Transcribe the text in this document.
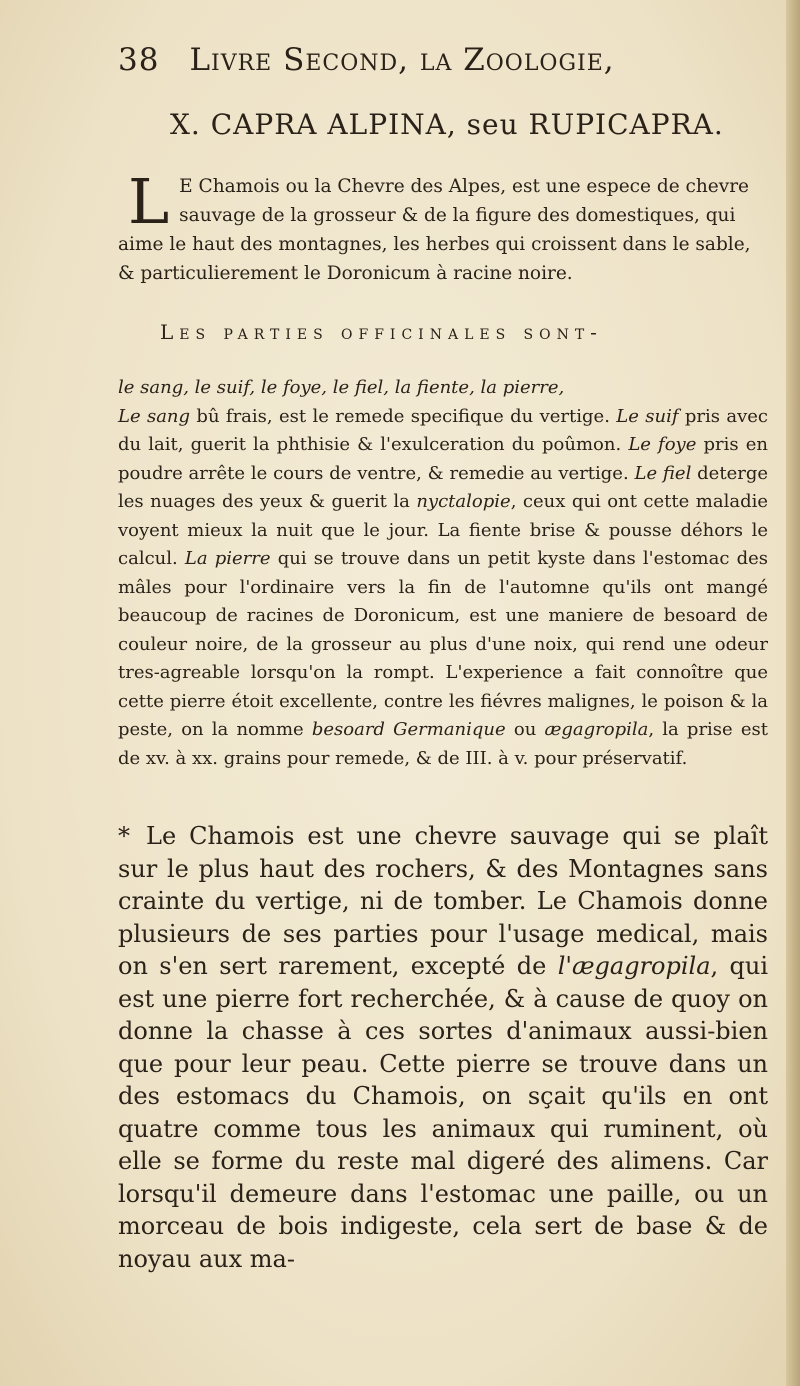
38 Livre Second, la Zoologie,
X. CAPRA ALPINA, seu RUPICAPRA.
L E Chamois ou la Chevre des Alpes, est une espece de chevre sauvage de la grosseur & de la figure des domestiques, qui aime le haut des montagnes, les herbes qui croissent dans le sable, & particulierement le Doronicum à racine noire.
Les parties officinales sont-
le sang, le suif, le foye, le fiel, la fiente, la pierre,
Le sang bû frais, est le remede specifique du vertige. Le suif pris avec du lait, guerit la phthisie & l'exulceration du poûmon. Le foye pris en poudre arrête le cours de ventre, & remedie au vertige. Le fiel deterge les nuages des yeux & guerit la nyctalopie, ceux qui ont cette maladie voyent mieux la nuit que le jour. La fiente brise & pousse déhors le calcul. La pierre qui se trouve dans un petit kyste dans l'estomac des mâles pour l'ordinaire vers la fin de l'automne qu'ils ont mangé beaucoup de racines de Doronicum, est une maniere de besoard de couleur noire, de la grosseur au plus d'une noix, qui rend une odeur tres-agreable lorsqu'on la rompt. L'experience a fait connoître que cette pierre étoit excellente, contre les fiévres malignes, le poison & la peste, on la nomme besoard Germanique ou ægagropila, la prise est de xv. à xx. grains pour remede, & de III. à v. pour préservatif.
* Le Chamois est une chevre sauvage qui se plaît sur le plus haut des rochers, & des Montagnes sans crainte du vertige, ni de tomber. Le Chamois donne plusieurs de ses parties pour l'usage medical, mais on s'en sert rarement, excepté de l'ægagropila, qui est une pierre fort recherchée, & à cause de quoy on donne la chasse à ces sortes d'animaux aussi-bien que pour leur peau. Cette pierre se trouve dans un des estomacs du Chamois, on sçait qu'ils en ont quatre comme tous les animaux qui ruminent, où elle se forme du reste mal digeré des alimens. Car lorsqu'il demeure dans l'estomac une paille, ou un morceau de bois indigeste, cela sert de base & de noyau aux ma-
